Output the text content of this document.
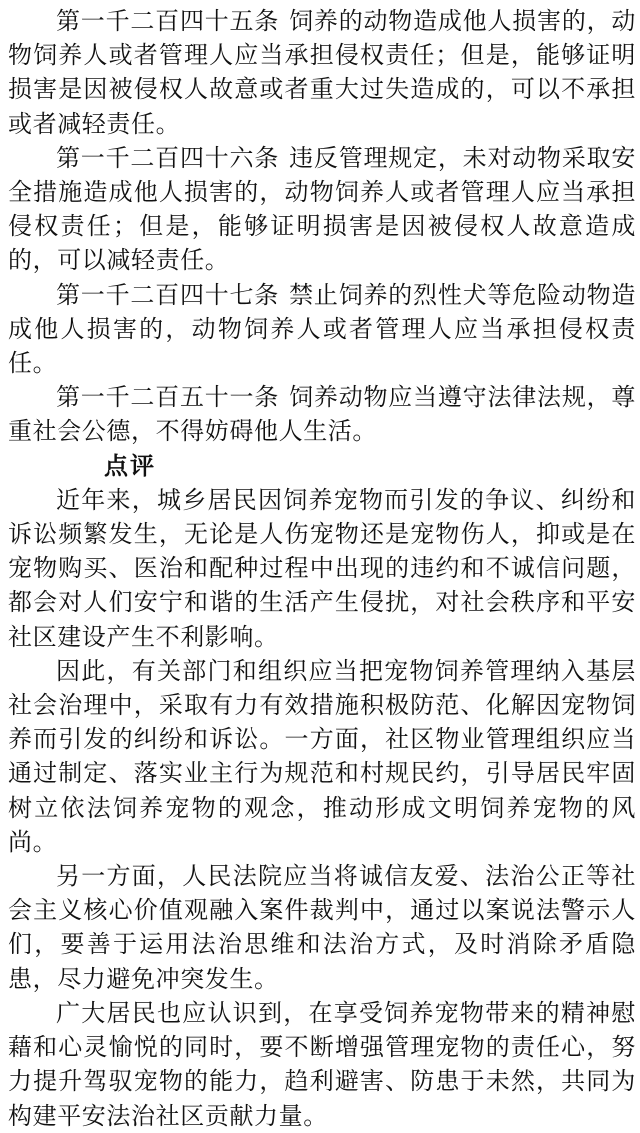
第一千二百四十五条 饲养的动物造成他人损害的，动物饲养人或者管理人应当承担侵权责任；但是，能够证明损害是因被侵权人故意或者重大过失造成的，可以不承担或者减轻责任。

第一千二百四十六条 违反管理规定，未对动物采取安全措施造成他人损害的，动物饲养人或者管理人应当承担侵权责任；但是，能够证明损害是因被侵权人故意造成的，可以减轻责任。

第一千二百四十七条 禁止饲养的烈性犬等危险动物造成他人损害的，动物饲养人或者管理人应当承担侵权责任。

第一千二百五十一条 饲养动物应当遵守法律法规，尊重社会公德，不得妨碍他人生活。

点评

近年来，城乡居民因饲养宠物而引发的争议、纠纷和诉讼频繁发生，无论是人伤宠物还是宠物伤人，抑或是在宠物购买、医治和配种过程中出现的违约和不诚信问题，都会对人们安宁和谐的生活产生侵扰，对社会秩序和平安社区建设产生不利影响。

因此，有关部门和组织应当把宠物饲养管理纳入基层社会治理中，采取有力有效措施积极防范、化解因宠物饲养而引发的纠纷和诉讼。一方面，社区物业管理组织应当通过制定、落实业主行为规范和村规民约，引导居民牢固树立依法饲养宠物的观念，推动形成文明饲养宠物的风尚。

另一方面，人民法院应当将诚信友爱、法治公正等社会主义核心价值观融入案件裁判中，通过以案说法警示人们，要善于运用法治思维和法治方式，及时消除矛盾隐患，尽力避免冲突发生。

广大居民也应认识到，在享受饲养宠物带来的精神慰藉和心灵愉悦的同时，要不断增强管理宠物的责任心，努力提升驾驭宠物的能力，趋利避害、防患于未然，共同为构建平安法治社区贡献力量。
